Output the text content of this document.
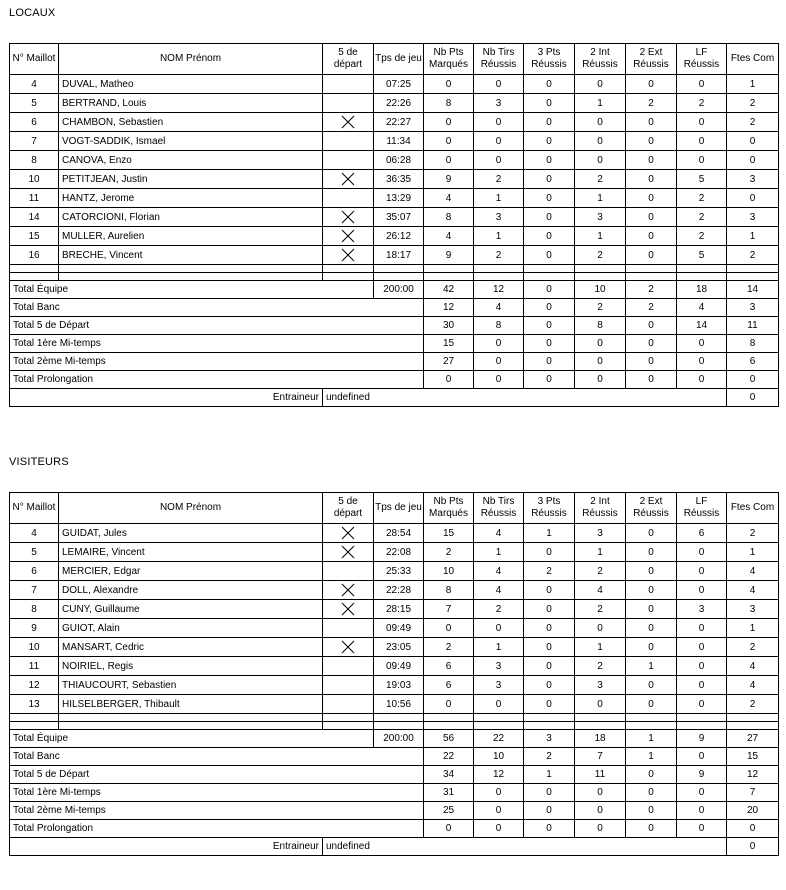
LOCAUX
N° Maillot	NOM Prénom	5 de départ	Tps de jeu	Nb Pts Marqués	Nb Tirs Réussis	3 Pts Réussis	2 Int Réussis	2 Ext Réussis	LF Réussis	Ftes Com
4	DUVAL, Matheo		07:25	0	0	0	0	0	0	1
5	BERTRAND, Louis		22:26	8	3	0	1	2	2	2
6	CHAMBON, Sebastien		22:27	0	0	0	0	0	0	2
7	VOGT-SADDIK, Ismael		11:34	0	0	0	0	0	0	0
8	CANOVA, Enzo		06:28	0	0	0	0	0	0	0
10	PETITJEAN, Justin		36:35	9	2	0	2	0	5	3
11	HANTZ, Jerome		13:29	4	1	0	1	0	2	0
14	CATORCIONI, Florian		35:07	8	3	0	3	0	2	3
15	MULLER, Aurelien		26:12	4	1	0	1	0	2	1
16	BRECHE, Vincent		18:17	9	2	0	2	0	5	2

Total Équipe			200:00	42	12	0	10	2	18	14
Total Banc				12	4	0	2	2	4	3
Total 5 de Départ				30	8	0	8	0	14	11
Total 1ère Mi-temps				15	0	0	0	0	0	8
Total 2ème Mi-temps				27	0	0	0	0	0	6
Total Prolongation				0	0	0	0	0	0	0
Entraineur		undefined								0
VISITEURS
N° Maillot	NOM Prénom	5 de départ	Tps de jeu	Nb Pts Marqués	Nb Tirs Réussis	3 Pts Réussis	2 Int Réussis	2 Ext Réussis	LF Réussis	Ftes Com
4	GUIDAT, Jules		28:54	15	4	1	3	0	6	2
5	LEMAIRE, Vincent		22:08	2	1	0	1	0	0	1
6	MERCIER, Edgar		25:33	10	4	2	2	0	0	4
7	DOLL, Alexandre		22:28	8	4	0	4	0	0	4
8	CUNY, Guillaume		28:15	7	2	0	2	0	3	3
9	GUIOT, Alain		09:49	0	0	0	0	0	0	1
10	MANSART, Cedric		23:05	2	1	0	1	0	0	2
11	NOIRIEL, Regis		09:49	6	3	0	2	1	0	4
12	THIAUCOURT, Sebastien		19:03	6	3	0	3	0	0	4
13	HILSELBERGER, Thibault		10:56	0	0	0	0	0	0	2

Total Équipe			200:00	56	22	3	18	1	9	27
Total Banc				22	10	2	7	1	0	15
Total 5 de Départ				34	12	1	11	0	9	12
Total 1ère Mi-temps				31	0	0	0	0	0	7
Total 2ème Mi-temps				25	0	0	0	0	0	20
Total Prolongation				0	0	0	0	0	0	0
Entraineur		undefined								0
